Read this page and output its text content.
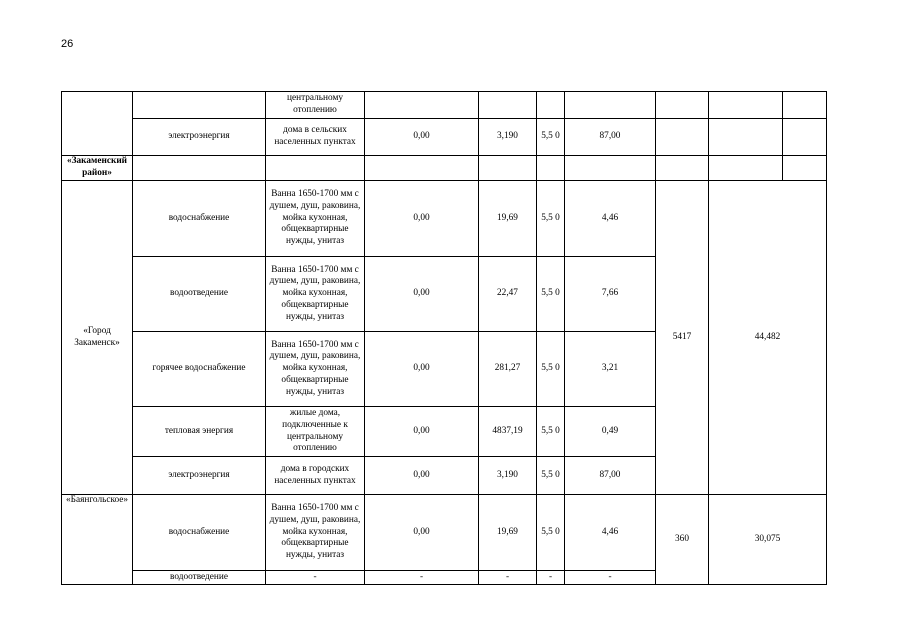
26
		центральному отоплению								
	электроэнергия	дома в сельских населенных пунктах	0,00	3,190	5,5 0	87,00				
«Закаменский район»										
«Город Закаменск»	водоснабжение	Ванна 1650-1700 мм с душем, душ, раковина, мойка кухонная, общеквартирные нужды, унитаз	0,00	19,69	5,5 0	4,46	5417	44,482	
	водоотведение	Ванна 1650-1700 мм с душем, душ, раковина, мойка кухонная, общеквартирные нужды, унитаз	0,00	22,47	5,5 0	7,66				
	горячее водоснабжение	Ванна 1650-1700 мм с душем, душ, раковина, мойка кухонная, общеквартирные нужды, унитаз	0,00	281,27	5,5 0	3,21				
	тепловая энергия	жилые дома, подключенные к центральному отоплению	0,00	4837,19	5,5 0	0,49				
	электроэнергия	дома в городских населенных пунктах	0,00	3,190	5,5 0	87,00				
«Баянгольское»	водоснабжение	Ванна 1650-1700 мм с душем, душ, раковина, мойка кухонная, общеквартирные нужды, унитаз	0,00	19,69	5,5 0	4,46	360	30,075	
	водоотведение	-	-	-	-	-				
